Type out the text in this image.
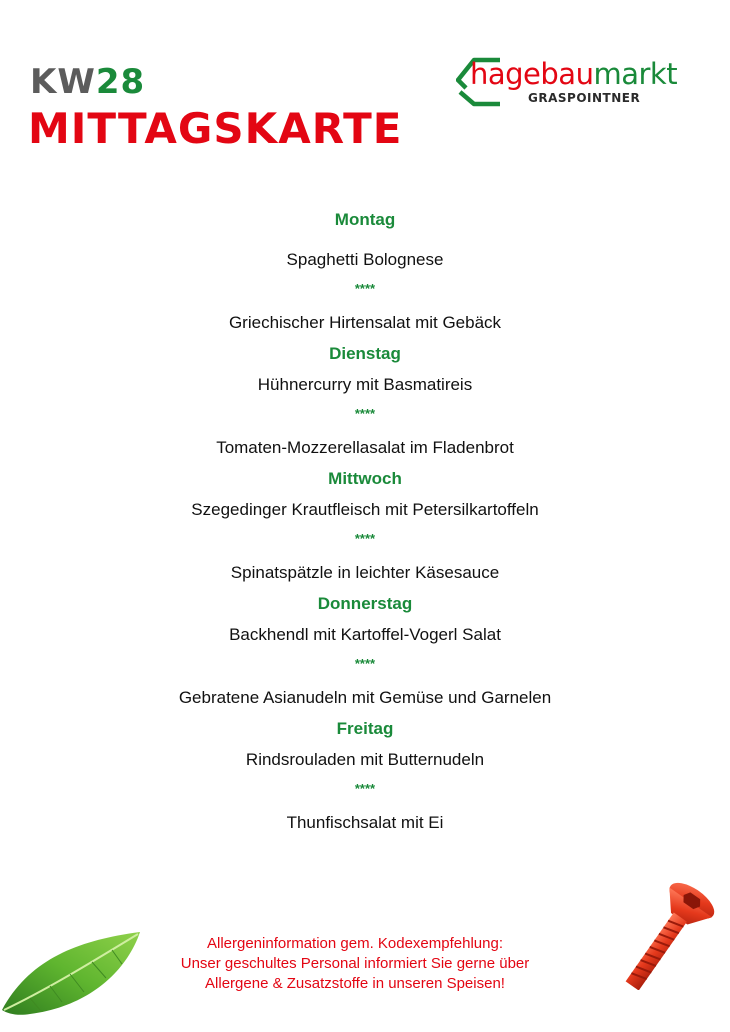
KW28
MITTAGSKARTE
hagebaumarkt
GRASPOINTNER
Montag
Spaghetti Bolognese
****
Griechischer Hirtensalat mit Gebäck
Dienstag
Hühnercurry mit Basmatireis
****
Tomaten-Mozzerellasalat im Fladenbrot
Mittwoch
Szegedinger Krautfleisch mit Petersilkartoffeln
****
Spinatspätzle in leichter Käsesauce
Donnerstag
Backhendl mit Kartoffel-Vogerl Salat
****
Gebratene Asianudeln mit Gemüse und Garnelen
Freitag
Rindsrouladen mit Butternudeln
****
Thunfischsalat mit Ei
Allergeninformation gem. Kodexempfehlung:
Unser geschultes Personal informiert Sie gerne über
Allergene & Zusatzstoffe in unseren Speisen!
